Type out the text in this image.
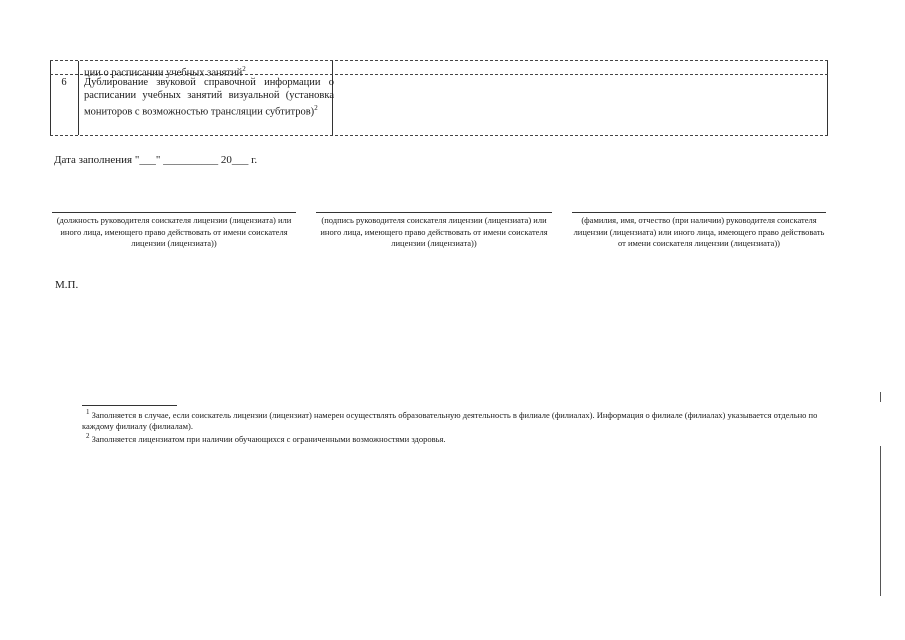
ции о расписании учебных занятий$^2$
6	Дублирование звуковой справочной информации о расписании учебных занятий визуальной (установка мониторов с возможностью трансляции субтитров)$^2$
Дата заполнения "___" __________ 20___ г.
(должность руководителя соискателя лицензии (лицензиата) или иного лица, имеющего право действовать от имени соискателя лицензии (лицензиата))
(подпись руководителя соискателя лицензии (лицензиата) или иного лица, имеющего право действовать от имени соискателя лицензии (лицензиата))
(фамилия, имя, отчество (при наличии) руководителя соискателя лицензии (лицензиата) или иного лица, имеющего право действовать от имени соискателя лицензии (лицензиата))
М.П.
$^1$ Заполняется в случае, если соискатель лицензии (лицензиат) намерен осуществлять образовательную деятельность в филиале (филиалах). Информация о филиале (филиалах) указывается отдельно по каждому филиалу (филиалам).
$^2$ Заполняется лицензиатом при наличии обучающихся с ограниченными возможностями здоровья.
